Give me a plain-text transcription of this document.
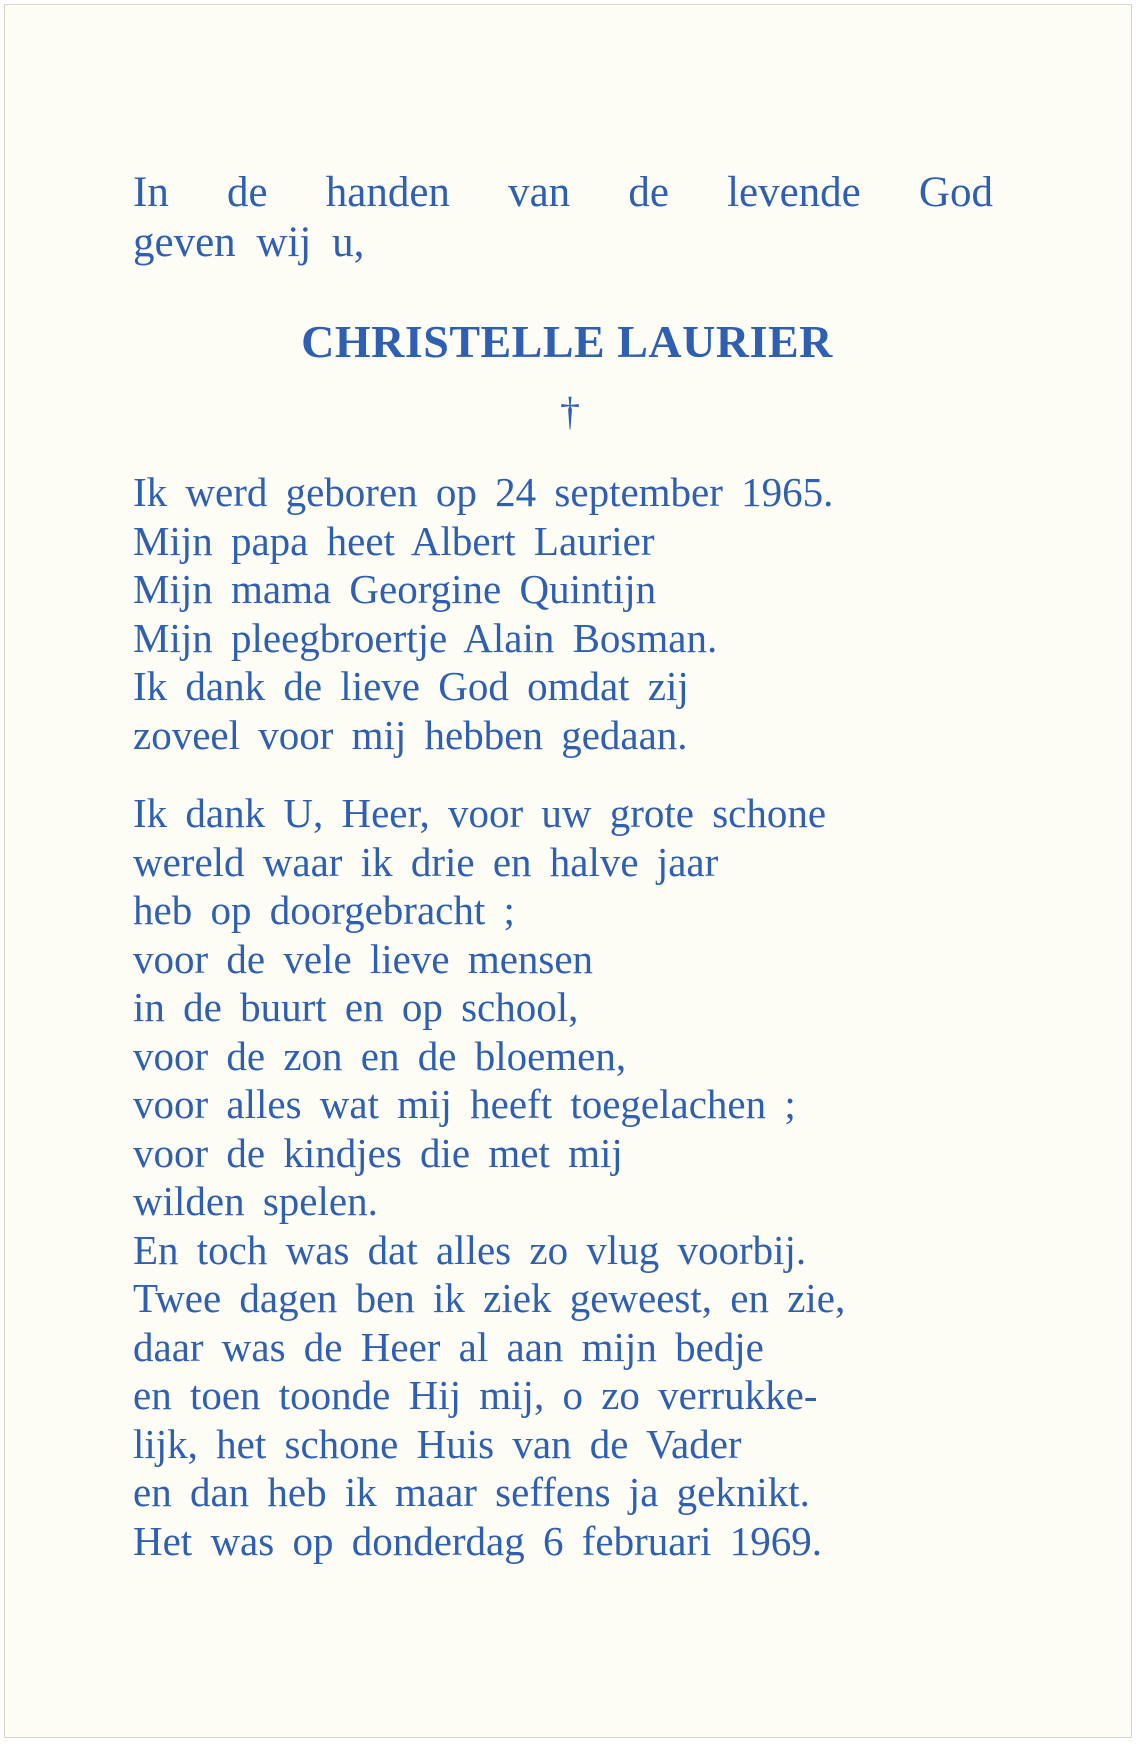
In de handen van de levende God
geven wij u,

CHRISTELLE LAURIER
†

Ik werd geboren op 24 september 1965.
Mijn papa heet Albert Laurier
Mijn mama Georgine Quintijn
Mijn pleegbroertje Alain Bosman.
Ik dank de lieve God omdat zij
zoveel voor mij hebben gedaan.

Ik dank U, Heer, voor uw grote schone
wereld waar ik drie en halve jaar
heb op doorgebracht ;
voor de vele lieve mensen
in de buurt en op school,
voor de zon en de bloemen,
voor alles wat mij heeft toegelachen ;
voor de kindjes die met mij
wilden spelen.
En toch was dat alles zo vlug voorbij.
Twee dagen ben ik ziek geweest, en zie,
daar was de Heer al aan mijn bedje
en toen toonde Hij mij, o zo verrukke-
lijk, het schone Huis van de Vader
en dan heb ik maar seffens ja geknikt.
Het was op donderdag 6 februari 1969.
